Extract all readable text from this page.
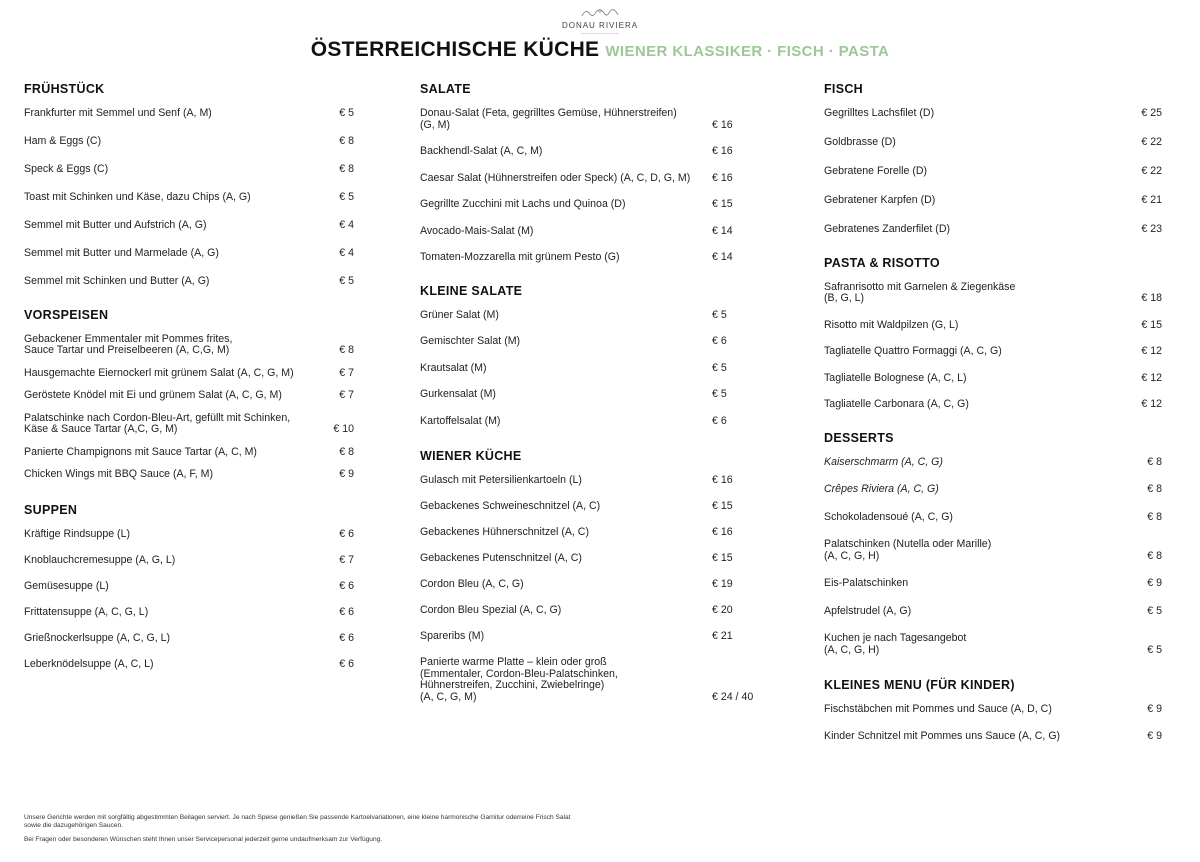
DONAU RIVIERA
———————
ÖSTERREICHISCHE KÜCHE WIENER KLASSIKER · FISCH · PASTA
FRÜHSTÜCK
Frankfurter mit Semmel und Senf (A, M)	€ 5
Ham & Eggs (C)	€ 8
Speck & Eggs (C)	€ 8
Toast mit Schinken und Käse, dazu Chips (A, G)	€ 5
Semmel mit Butter und Aufstrich (A, G)	€ 4
Semmel mit Butter und Marmelade (A, G)	€ 4
Semmel mit Schinken und Butter (A, G)	€ 5
VORSPEISEN
Gebackener Emmentaler mit Pommes frites,
Sauce Tartar und Preiselbeeren (A, C,G, M)	€ 8
Hausgemachte Eiernockerl mit grünem Salat (A, C, G, M)	€ 7
Geröstete Knödel mit Ei und grünem Salat (A, C, G, M)	€ 7
Palatschinke nach Cordon-Bleu-Art, gefüllt mit Schinken,
Käse & Sauce Tartar (A,C, G, M)	€ 10
Panierte Champignons mit Sauce Tartar (A, C, M)	€ 8
Chicken Wings mit BBQ Sauce (A, F, M)	€ 9
SUPPEN
Kräftige Rindsuppe (L)	€ 6
Knoblauchcremesuppe (A, G, L)	€ 7
Gemüsesuppe (L)	€ 6
Frittatensuppe (A, C, G, L)	€ 6
Grießnockerlsuppe (A, C, G, L)	€ 6
Leberknödelsuppe (A, C, L)	€ 6
SALATE
Donau-Salat (Feta, gegrilltes Gemüse, Hühnerstreifen)
(G, M)	€ 16
Backhendl-Salat (A, C, M)	€ 16
Caesar Salat (Hühnerstreifen oder Speck) (A, C, D, G, M)	€ 16
Gegrillte Zucchini mit Lachs und Quinoa (D)	€ 15
Avocado-Mais-Salat (M)	€ 14
Tomaten-Mozzarella mit grünem Pesto (G)	€ 14
KLEINE SALATE
Grüner Salat (M)	€ 5
Gemischter Salat (M)	€ 6
Krautsalat (M)	€ 5
Gurkensalat (M)	€ 5
Kartoffelsalat (M)	€ 6
WIENER KÜCHE
Gulasch mit Petersilienkartoeln (L)	€ 16
Gebackenes Schweineschnitzel (A, C)	€ 15
Gebackenes Hühnerschnitzel (A, C)	€ 16
Gebackenes Putenschnitzel (A, C)	€ 15
Cordon Bleu (A, C, G)	€ 19
Cordon Bleu Spezial (A, C, G)	€ 20
Spareribs (M)	€ 21
Panierte warme Platte – klein oder groß
(Emmentaler, Cordon-Bleu-Palatschinken,
Hühnerstreifen, Zucchini, Zwiebelringe)
(A, C, G, M)	€ 24 / 40
FISCH
Gegrilltes Lachsfilet (D)	€ 25
Goldbrasse (D)	€ 22
Gebratene Forelle (D)	€ 22
Gebratener Karpfen (D)	€ 21
Gebratenes Zanderfilet (D)	€ 23
PASTA & RISOTTO
Safranrisotto mit Garnelen & Ziegenkäse
(B, G, L)	€ 18
Risotto mit Waldpilzen (G, L)	€ 15
Tagliatelle Quattro Formaggi (A, C, G)	€ 12
Tagliatelle Bolognese (A, C, L)	€ 12
Tagliatelle Carbonara (A, C, G)	€ 12
DESSERTS
Kaiserschmarrn (A, C, G)	€ 8
Crêpes Riviera (A, C, G)	€ 8
Schokoladensoué (A, C, G)	€ 8
Palatschinken (Nutella oder Marille)
(A, C, G, H)	€ 8
Eis-Palatschinken	€ 9
Apfelstrudel (A, G)	€ 5
Kuchen je nach Tagesangebot
(A, C, G, H)	€ 5
KLEINES MENU (FÜR KINDER)
Fischstäbchen mit Pommes und Sauce (A, D, C)	€ 9
Kinder Schnitzel mit Pommes uns Sauce (A, C, G)	€ 9

Unsere Gerichte werden mit sorgfältig abgestimmten Beilagen serviert. Je nach Speise genießen Sie passende Kartoelvariationen, eine kleine harmonische Garnitur oderreine Frisch Salat sowie die dazugehörigen Saucen.

Bei Fragen oder besonderen Wünschen steht Ihnen unser Servicepersonal jederzeit gerne undaufmerksam zur Verfügung.
